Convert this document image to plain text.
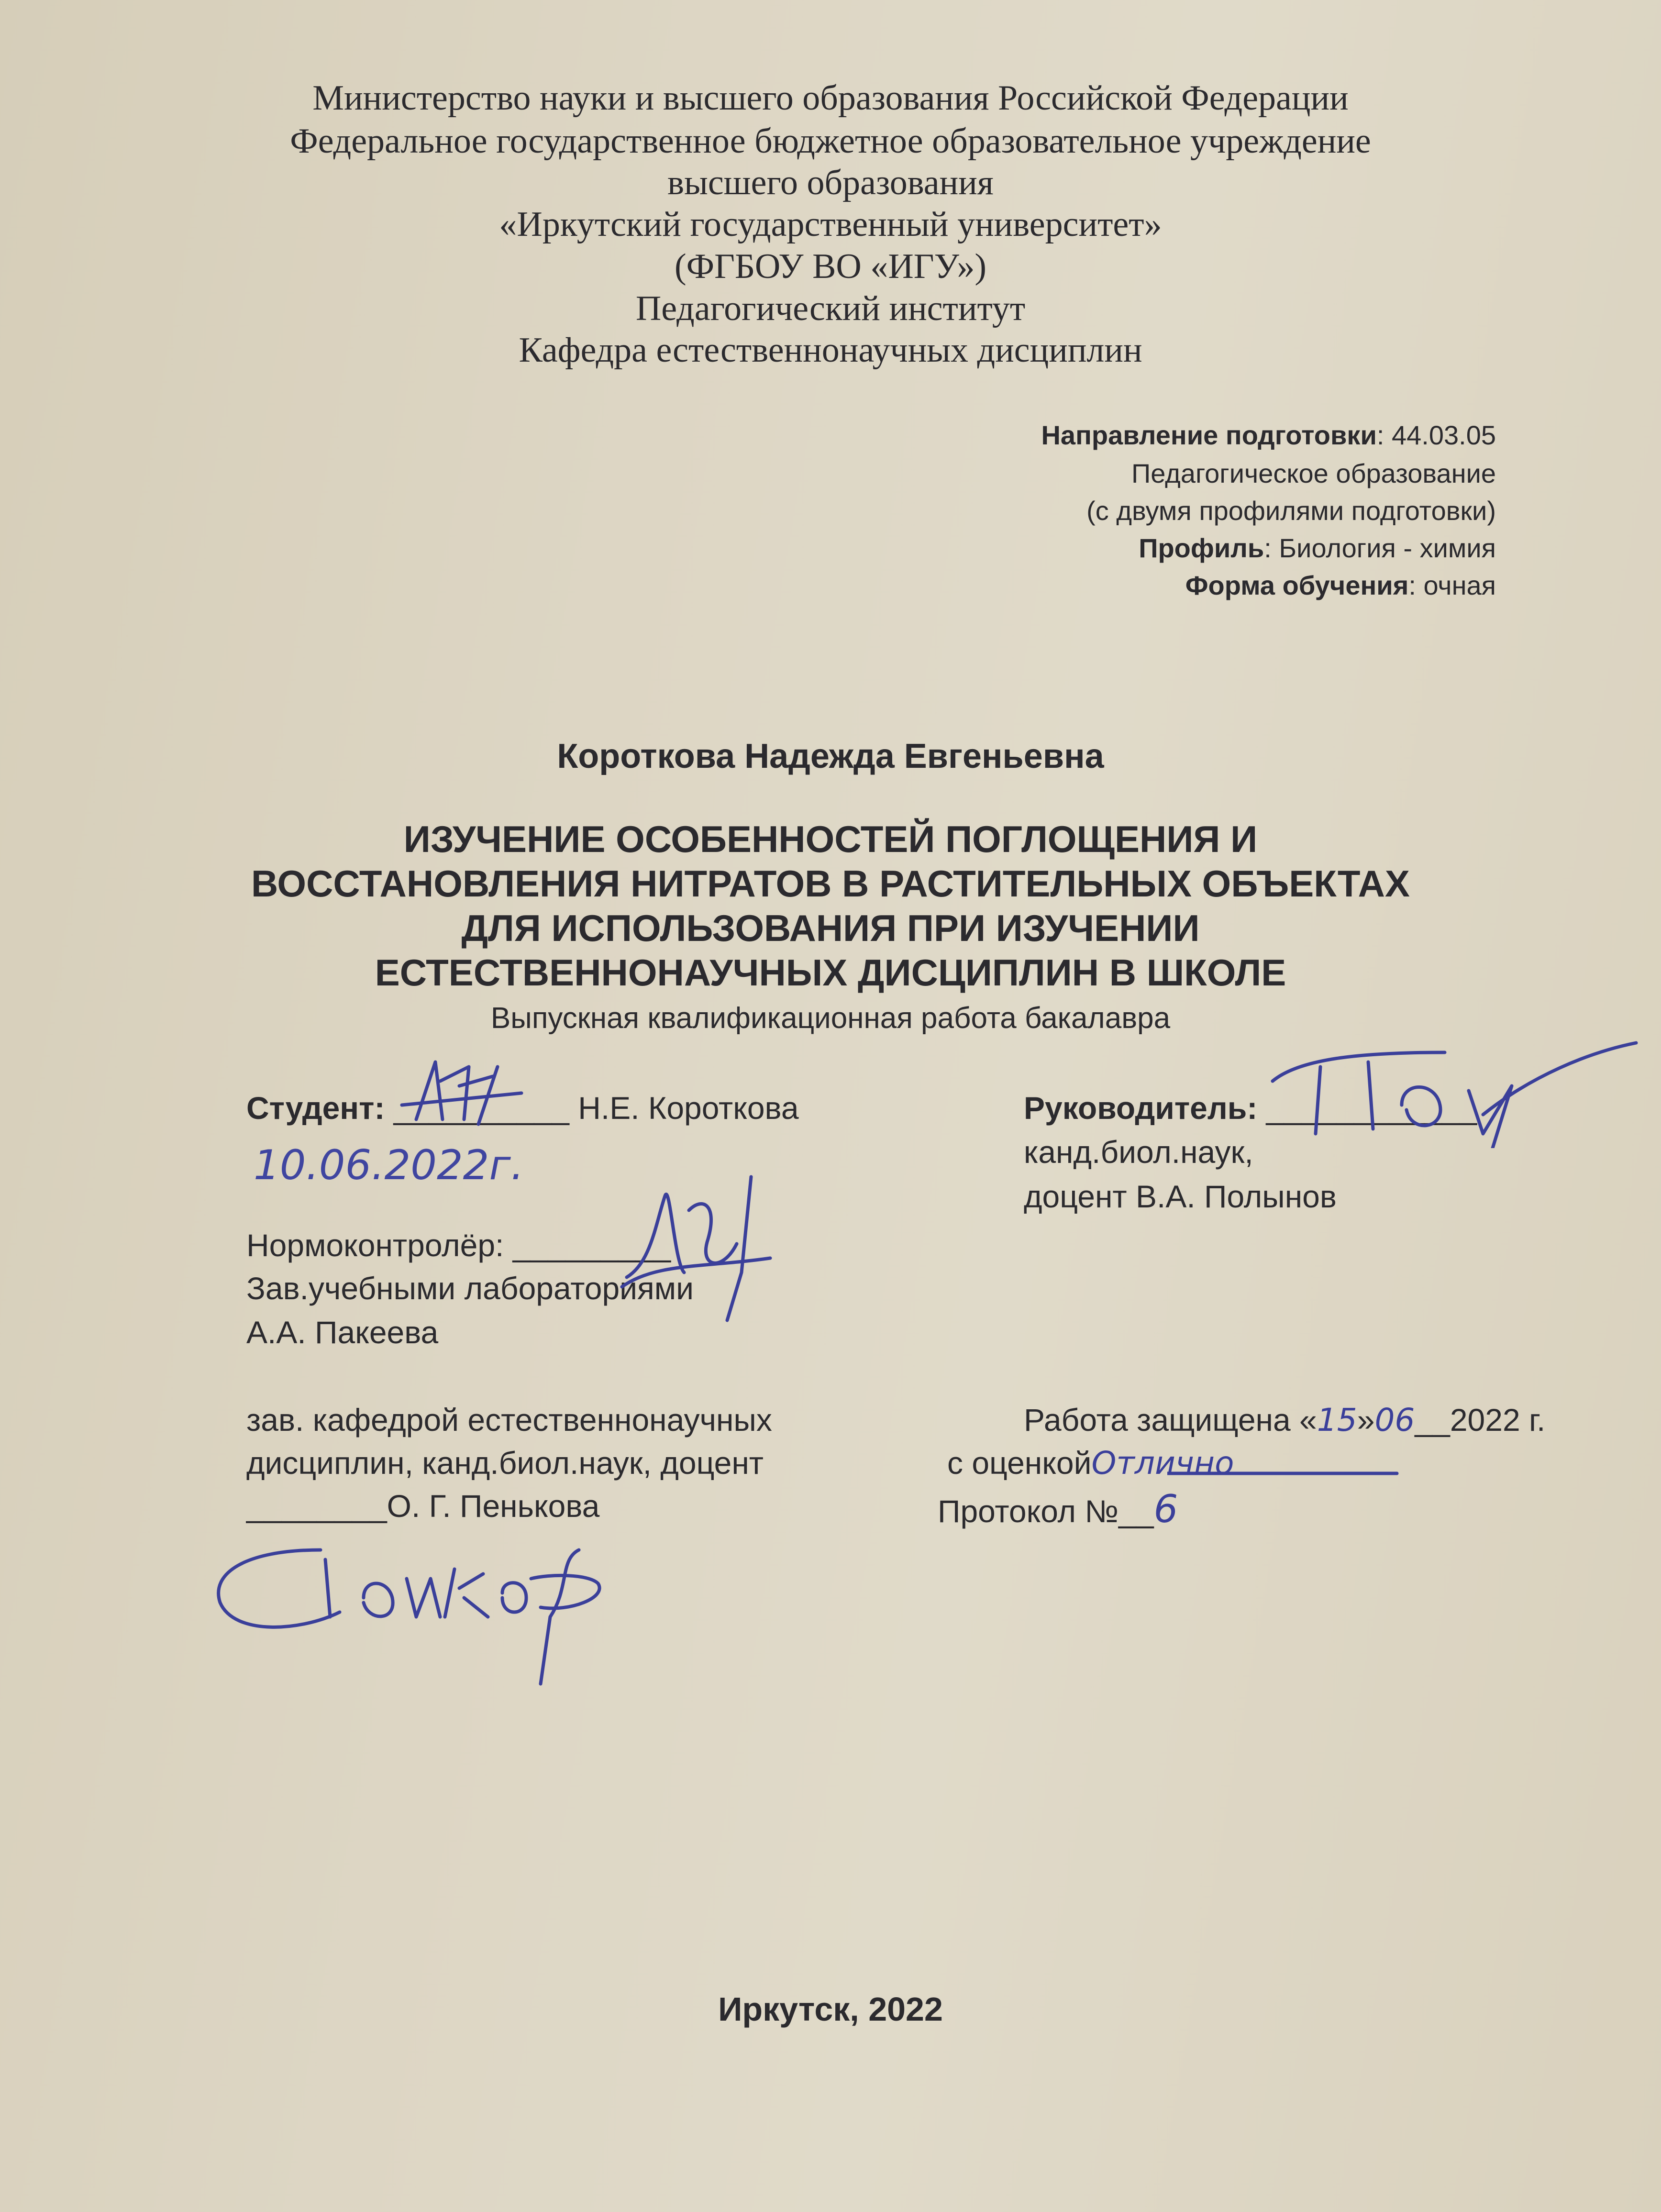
Министерство науки и высшего образования Российской Федерации
Федеральное государственное бюджетное образовательное учреждение
высшего образования
«Иркутский государственный университет»
(ФГБОУ ВО «ИГУ»)
Педагогический институт
Кафедра естественнонаучных дисциплин
Направление подготовки: 44.03.05
Педагогическое образование
(с двумя профилями подготовки)
Профиль: Биология - химия
Форма обучения: очная
Короткова Надежда Евгеньевна
ИЗУЧЕНИЕ ОСОБЕННОСТЕЙ ПОГЛОЩЕНИЯ И
ВОССТАНОВЛЕНИЯ НИТРАТОВ В РАСТИТЕЛЬНЫХ ОБЪЕКТАХ
ДЛЯ ИСПОЛЬЗОВАНИЯ ПРИ ИЗУЧЕНИИ
ЕСТЕСТВЕННОНАУЧНЫХ ДИСЦИПЛИН В ШКОЛЕ
Выпускная квалификационная работа бакалавра
Студент: __________ Н.Е. Короткова	Руководитель: ____________
канд.биол.наук,
доцент В.А. Полынов
Нормоконтролёр: _________
Зав.учебными лабораториями
А.А. Пакеева
зав. кафедрой естественнонаучных
дисциплин, канд.биол.наук, доцент
________О. Г. Пенькова
Работа защищена «15»06__2022 г.
с оценкойОтлично
Протокол №__6
Иркутск, 2022
10.06.2022г.
